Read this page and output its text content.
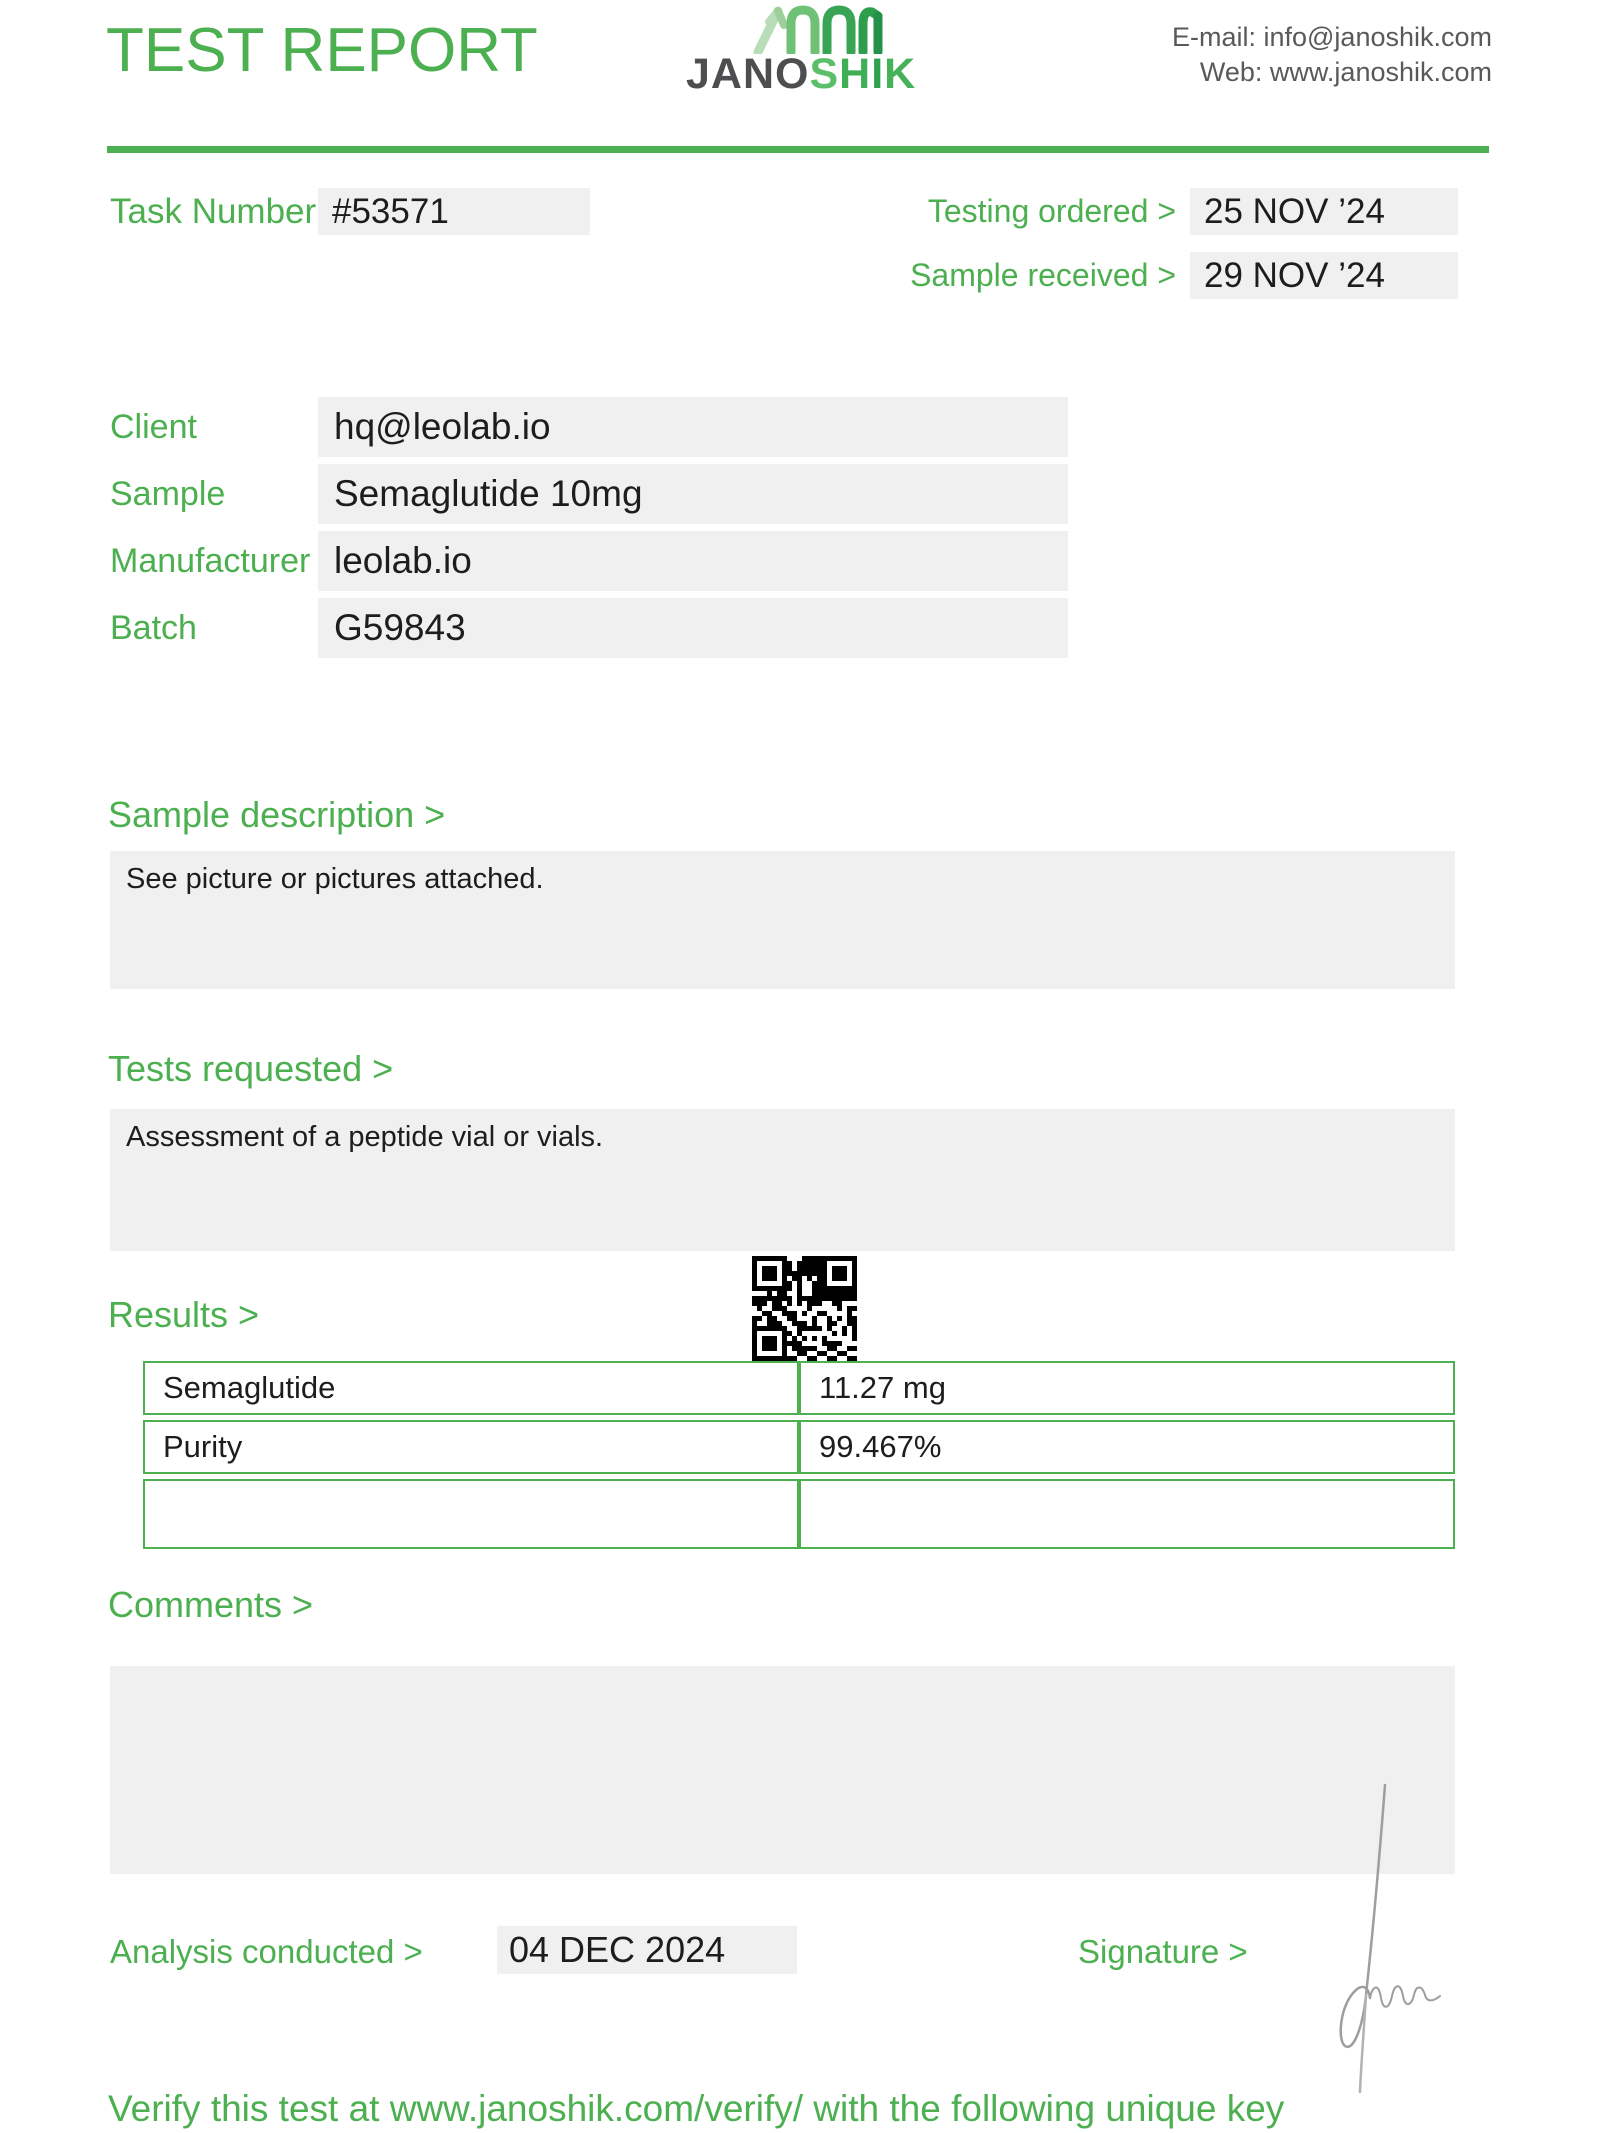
TEST REPORT	JANOSHIK
E-mail: info@janoshik.com
Web: www.janoshik.com
Task Number #53571	Testing ordered > 25 NOV ’24
Sample received > 29 NOV ’24
Client	hq@leolab.io
Sample	Semaglutide 10mg
Manufacturer leolab.io
Batch	G59843
Sample description >
See picture or pictures attached.
Tests requested >
Assessment of a peptide vial or vials.
Results >
Semaglutide	11.27 mg
Purity	99.467%

Comments >
Analysis conducted >	04 DEC 2024	Signature >
Verify this test at www.janoshik.com/verify/ with the following unique key
